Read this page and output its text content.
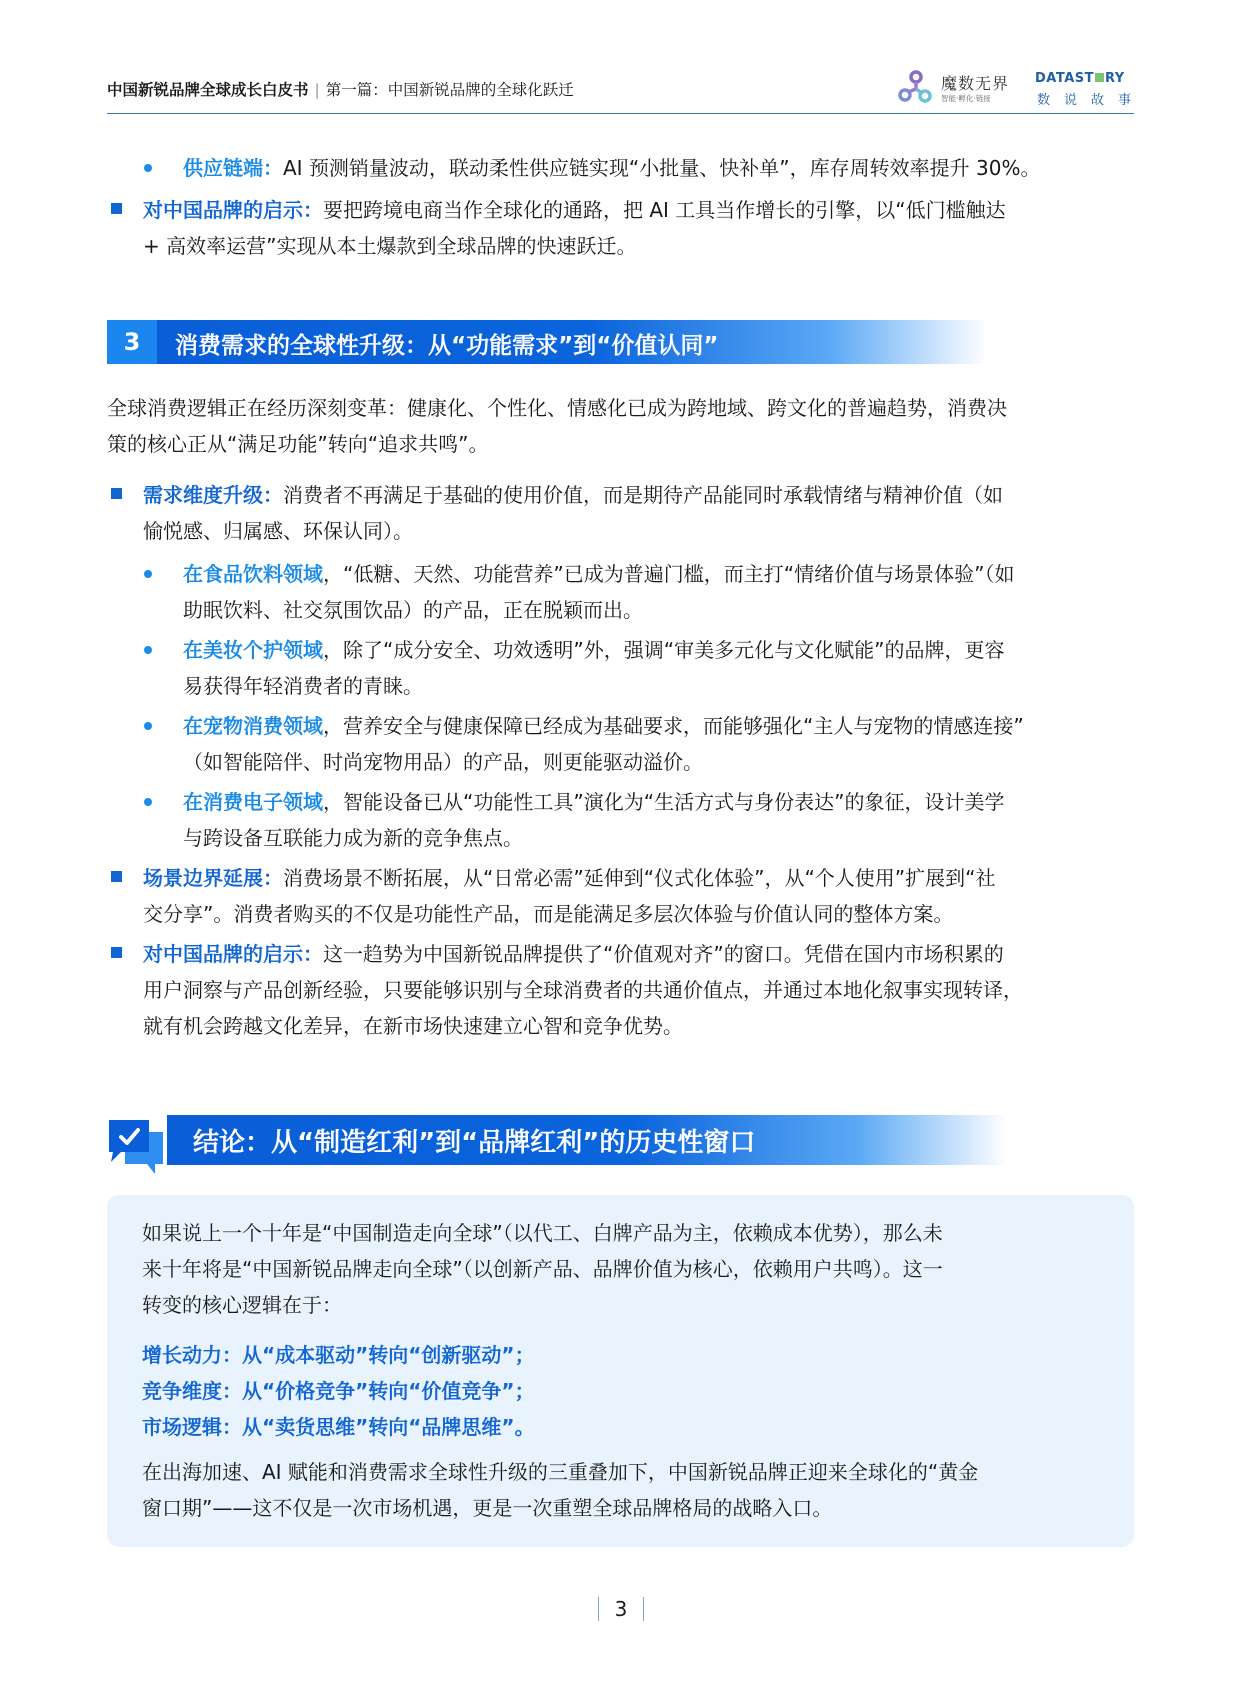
中国新锐品牌全球成长白皮书 | 第一篇：中国新锐品牌的全球化跃迁	魔数无界
智能·孵化·链接
DATAST RY
数说故事
供应链端：AI 预测销量波动，联动柔性供应链实现“小批量、快补单”，库存周转效率提升 30%。
对中国品牌的启示：要把跨境电商当作全球化的通路，把 AI 工具当作增长的引擎，以“低门槛触达
+ 高效率运营”实现从本土爆款到全球品牌的快速跃迁。
3	消费需求的全球性升级：从“功能需求”到“价值认同”
全球消费逻辑正在经历深刻变革：健康化、个性化、情感化已成为跨地域、跨文化的普遍趋势，消费决
策的核心正从“满足功能”转向“追求共鸣”。
需求维度升级：消费者不再满足于基础的使用价值，而是期待产品能同时承载情绪与精神价值（如
愉悦感、归属感、环保认同）。
在食品饮料领域，“低糖、天然、功能营养”已成为普遍门槛，而主打“情绪价值与场景体验”（如
助眠饮料、社交氛围饮品）的产品，正在脱颖而出。
在美妆个护领域，除了“成分安全、功效透明”外，强调“审美多元化与文化赋能”的品牌，更容
易获得年轻消费者的青睐。
在宠物消费领域，营养安全与健康保障已经成为基础要求，而能够强化“主人与宠物的情感连接”
（如智能陪伴、时尚宠物用品）的产品，则更能驱动溢价。
在消费电子领域，智能设备已从“功能性工具”演化为“生活方式与身份表达”的象征，设计美学
与跨设备互联能力成为新的竞争焦点。
场景边界延展：消费场景不断拓展，从“日常必需”延伸到“仪式化体验”，从“个人使用”扩展到“社
交分享”。消费者购买的不仅是功能性产品，而是能满足多层次体验与价值认同的整体方案。
对中国品牌的启示：这一趋势为中国新锐品牌提供了“价值观对齐”的窗口。凭借在国内市场积累的
用户洞察与产品创新经验，只要能够识别与全球消费者的共通价值点，并通过本地化叙事实现转译，
就有机会跨越文化差异，在新市场快速建立心智和竞争优势。
结论：从“制造红利”到“品牌红利”的历史性窗口
如果说上一个十年是“中国制造走向全球”（以代工、白牌产品为主，依赖成本优势），那么未
来十年将是“中国新锐品牌走向全球”（以创新产品、品牌价值为核心，依赖用户共鸣）。这一
转变的核心逻辑在于：
增长动力：从“成本驱动”转向“创新驱动”；
竞争维度：从“价格竞争”转向“价值竞争”；
市场逻辑：从“卖货思维”转向“品牌思维”。
在出海加速、AI 赋能和消费需求全球性升级的三重叠加下，中国新锐品牌正迎来全球化的“黄金
窗口期”——这不仅是一次市场机遇，更是一次重塑全球品牌格局的战略入口。
3
